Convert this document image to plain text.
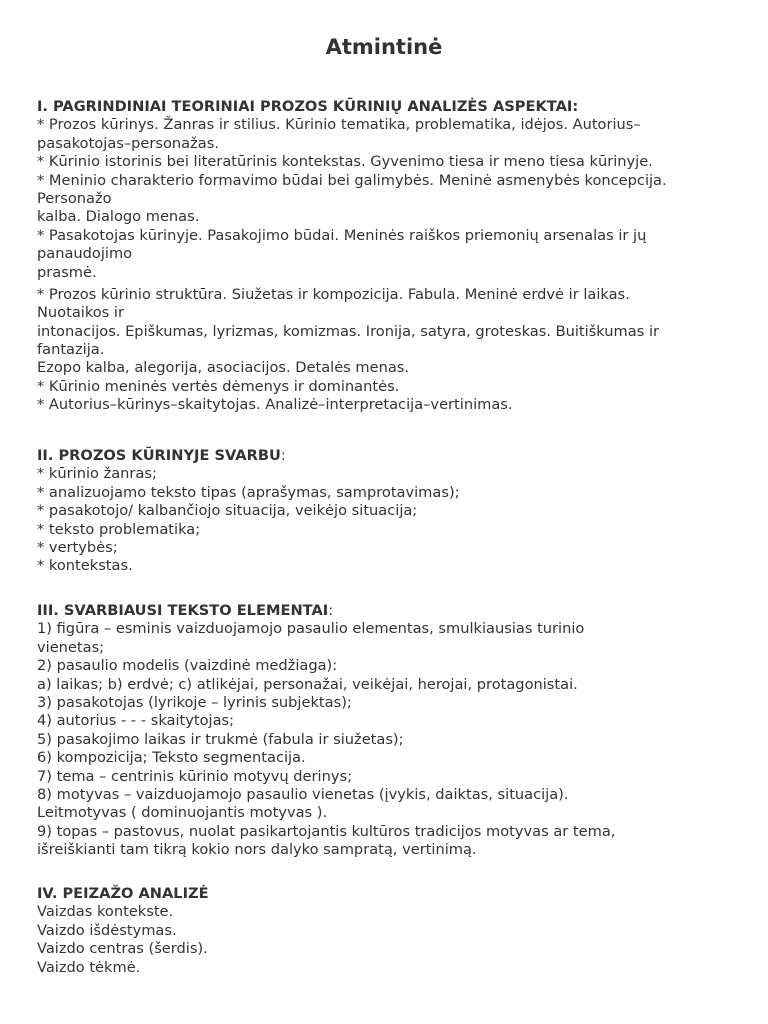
Atmintinė
I. PAGRINDINIAI TEORINIAI PROZOS KŪRINIŲ ANALIZĖS ASPEKTAI:
* Prozos kūrinys. Žanras ir stilius. Kūrinio tematika, problematika, idėjos. Autorius–
pasakotojas–personažas.
* Kūrinio istorinis bei literatūrinis kontekstas. Gyvenimo tiesa ir meno tiesa kūrinyje.
* Meninio charakterio formavimo būdai bei galimybės. Meninė asmenybės koncepcija.
Personažo
kalba. Dialogo menas.
* Pasakotojas kūrinyje. Pasakojimo būdai. Meninės raiškos priemonių arsenalas ir jų
panaudojimo
prasmė.
* Prozos kūrinio struktūra. Siužetas ir kompozicija. Fabula. Meninė erdvė ir laikas.
Nuotaikos ir
intonacijos. Epiškumas, lyrizmas, komizmas. Ironija, satyra, groteskas. Buitiškumas ir
fantazija.
Ezopo kalba, alegorija, asociacijos. Detalės menas.
* Kūrinio meninės vertės dėmenys ir dominantės.
* Autorius–kūrinys–skaitytojas. Analizė–interpretacija–vertinimas.
II. PROZOS KŪRINYJE SVARBU:
* kūrinio žanras;
* analizuojamo teksto tipas (aprašymas, samprotavimas);
* pasakotojo/ kalbančiojo situacija, veikėjo situacija;
* teksto problematika;
* vertybės;
* kontekstas.
III. SVARBIAUSI TEKSTO ELEMENTAI:
1) figūra – esminis vaizduojamojo pasaulio elementas, smulkiausias turinio
vienetas;
2) pasaulio modelis (vaizdinė medžiaga):
a) laikas; b) erdvė; c) atlikėjai, personažai, veikėjai, herojai, protagonistai.
3) pasakotojas (lyrikoje – lyrinis subjektas);
4) autorius - - - skaitytojas;
5) pasakojimo laikas ir trukmė (fabula ir siužetas);
6) kompozicija; Teksto segmentacija.
7) tema – centrinis kūrinio motyvų derinys;
8) motyvas – vaizduojamojo pasaulio vienetas (įvykis, daiktas, situacija).
Leitmotyvas ( dominuojantis motyvas ).
9) topas – pastovus, nuolat pasikartojantis kultūros tradicijos motyvas ar tema,
išreiškianti tam tikrą kokio nors dalyko sampratą, vertinimą.
IV. PEIZAŽO ANALIZĖ
Vaizdas kontekste.
Vaizdo išdėstymas.
Vaizdo centras (šerdis).
Vaizdo tėkmė.
